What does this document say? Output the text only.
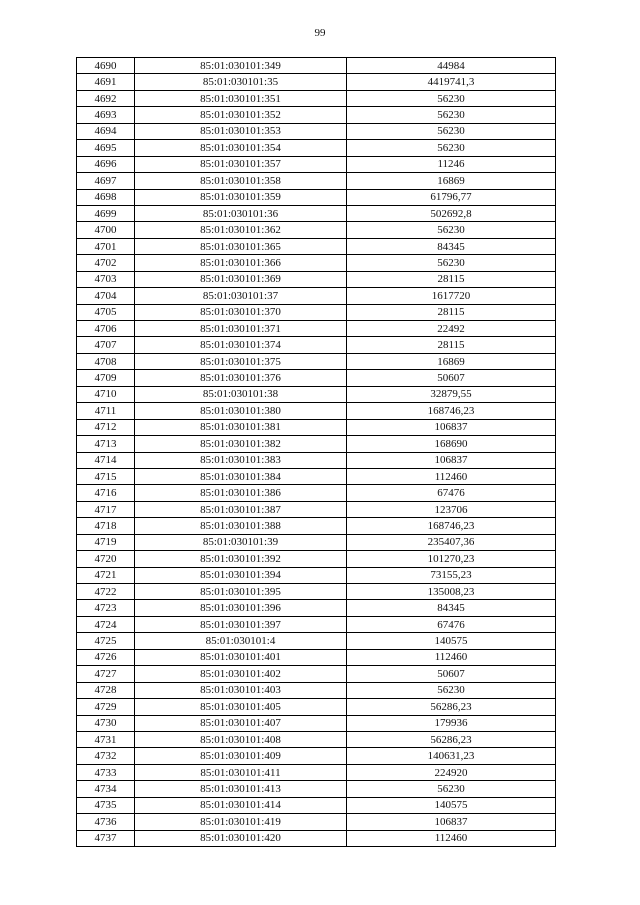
99
4690	85:01:030101:349	44984
4691	85:01:030101:35	4419741,3
4692	85:01:030101:351	56230
4693	85:01:030101:352	56230
4694	85:01:030101:353	56230
4695	85:01:030101:354	56230
4696	85:01:030101:357	11246
4697	85:01:030101:358	16869
4698	85:01:030101:359	61796,77
4699	85:01:030101:36	502692,8
4700	85:01:030101:362	56230
4701	85:01:030101:365	84345
4702	85:01:030101:366	56230
4703	85:01:030101:369	28115
4704	85:01:030101:37	1617720
4705	85:01:030101:370	28115
4706	85:01:030101:371	22492
4707	85:01:030101:374	28115
4708	85:01:030101:375	16869
4709	85:01:030101:376	50607
4710	85:01:030101:38	32879,55
4711	85:01:030101:380	168746,23
4712	85:01:030101:381	106837
4713	85:01:030101:382	168690
4714	85:01:030101:383	106837
4715	85:01:030101:384	112460
4716	85:01:030101:386	67476
4717	85:01:030101:387	123706
4718	85:01:030101:388	168746,23
4719	85:01:030101:39	235407,36
4720	85:01:030101:392	101270,23
4721	85:01:030101:394	73155,23
4722	85:01:030101:395	135008,23
4723	85:01:030101:396	84345
4724	85:01:030101:397	67476
4725	85:01:030101:4	140575
4726	85:01:030101:401	112460
4727	85:01:030101:402	50607
4728	85:01:030101:403	56230
4729	85:01:030101:405	56286,23
4730	85:01:030101:407	179936
4731	85:01:030101:408	56286,23
4732	85:01:030101:409	140631,23
4733	85:01:030101:411	224920
4734	85:01:030101:413	56230
4735	85:01:030101:414	140575
4736	85:01:030101:419	106837
4737	85:01:030101:420	112460
